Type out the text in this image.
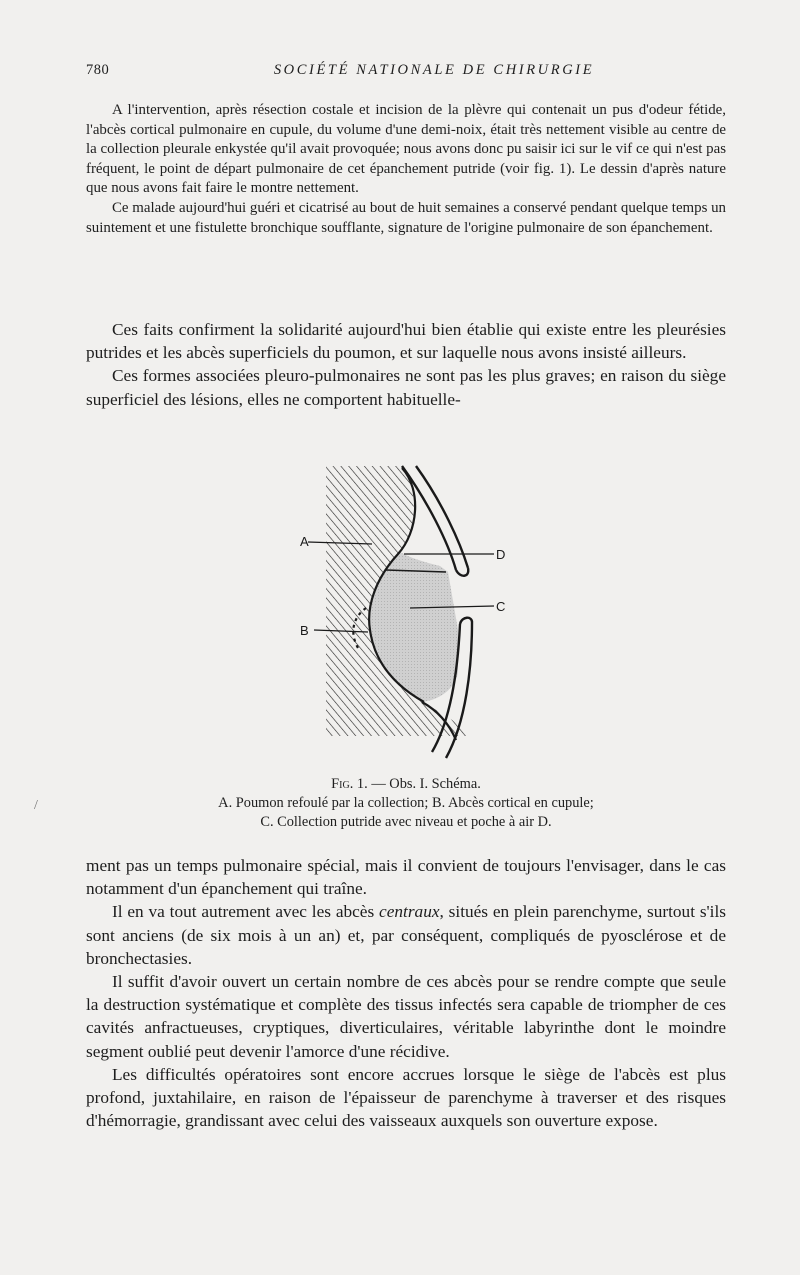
780	SOCIÉTÉ NATIONALE DE CHIRURGIE

A l'intervention, après résection costale et incision de la plèvre qui contenait un pus d'odeur fétide, l'abcès cortical pulmonaire en cupule, du volume d'une demi-noix, était très nettement visible au centre de la collection pleurale enkystée qu'il avait provoquée; nous avons donc pu saisir ici sur le vif ce qui n'est pas fréquent, le point de départ pulmonaire de cet épanchement putride (voir fig. 1). Le dessin d'après nature que nous avons fait faire le montre nettement.

Ce malade aujourd'hui guéri et cicatrisé au bout de huit semaines a conservé pendant quelque temps un suintement et une fistulette bronchique soufflante, signature de l'origine pulmonaire de son épanchement.

Ces faits confirment la solidarité aujourd'hui bien établie qui existe entre les pleurésies putrides et les abcès superficiels du poumon, et sur laquelle nous avons insisté ailleurs.

Ces formes associées pleuro-pulmonaires ne sont pas les plus graves; en raison du siège superficiel des lésions, elles ne comportent habituelle-

A
D
C
B
Fig. 1. — Obs. I. Schéma.
A. Poumon refoulé par la collection; B. Abcès cortical en cupule;
C. Collection putride avec niveau et poche à air D.
/

ment pas un temps pulmonaire spécial, mais il convient de toujours l'envisager, dans le cas notamment d'un épanchement qui traîne.

Il en va tout autrement avec les abcès centraux, situés en plein parenchyme, surtout s'ils sont anciens (de six mois à un an) et, par conséquent, compliqués de pyosclérose et de bronchectasies.

Il suffit d'avoir ouvert un certain nombre de ces abcès pour se rendre compte que seule la destruction systématique et complète des tissus infectés sera capable de triompher de ces cavités anfractueuses, cryptiques, diverticulaires, véritable labyrinthe dont le moindre segment oublié peut devenir l'amorce d'une récidive.

Les difficultés opératoires sont encore accrues lorsque le siège de l'abcès est plus profond, juxtahilaire, en raison de l'épaisseur de parenchyme à traverser et des risques d'hémorragie, grandissant avec celui des vaisseaux auxquels son ouverture expose.
